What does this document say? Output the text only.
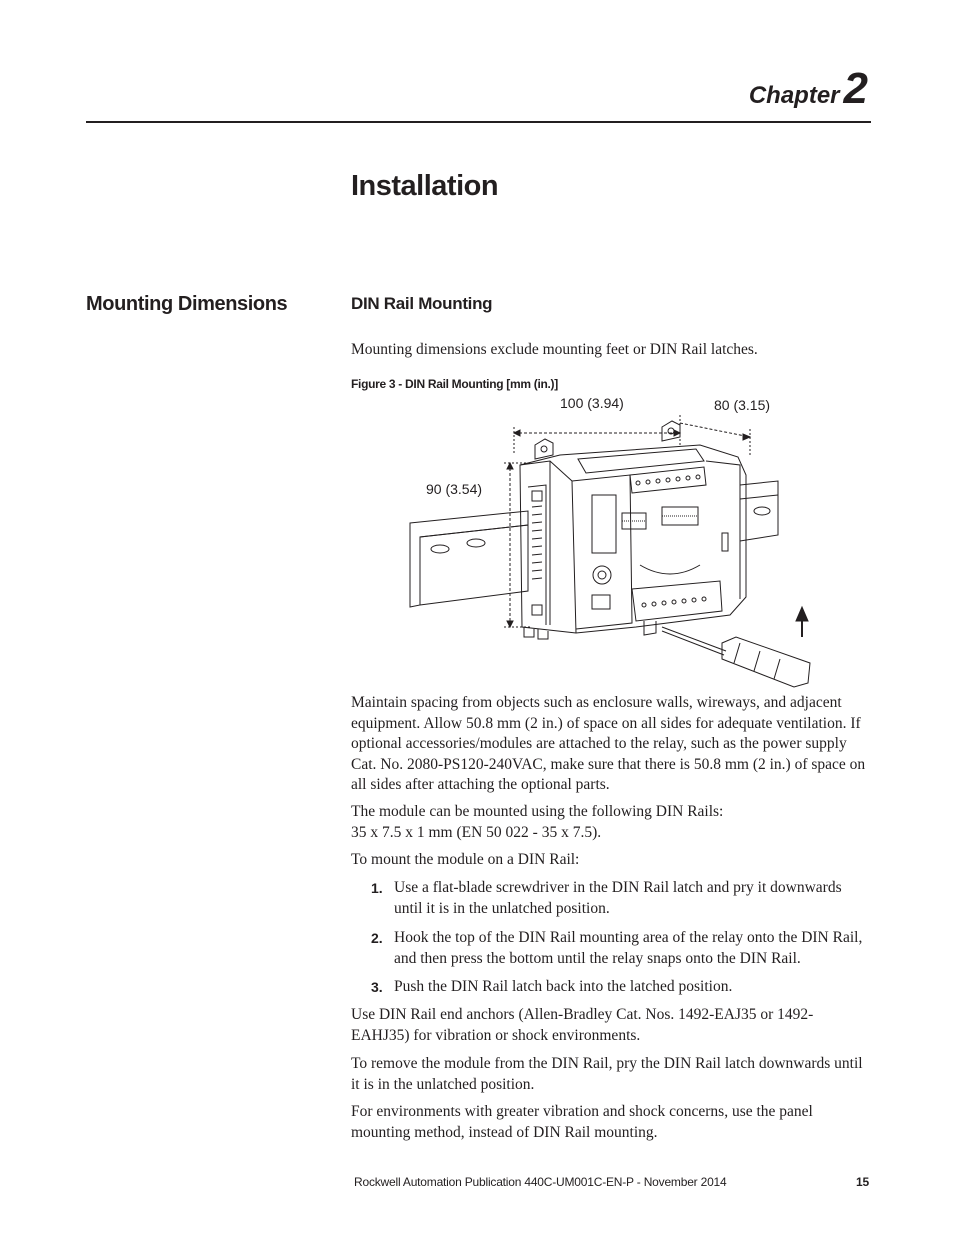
Chapter2
Installation
Mounting Dimensions	DIN Rail Mounting
Mounting dimensions exclude mounting feet or DIN Rail latches.
Figure 3 - DIN Rail Mounting [mm (in.)]
100 (3.94)	80 (3.15)
90 (3.54)
Maintain spacing from objects such as enclosure walls, wireways, and adjacent equipment. Allow 50.8 mm (2 in.) of space on all sides for adequate ventilation. If optional accessories/modules are attached to the relay, such as the power supply Cat. No. 2080-PS120-240VAC, make sure that there is 50.8 mm (2 in.) of space on all sides after attaching the optional parts.
The module can be mounted using the following DIN Rails:
35 x 7.5 x 1 mm (EN 50 022 - 35 x 7.5).
To mount the module on a DIN Rail:
1. Use a flat-blade screwdriver in the DIN Rail latch and pry it downwards until it is in the unlatched position.
2. Hook the top of the DIN Rail mounting area of the relay onto the DIN Rail, and then press the bottom until the relay snaps onto the DIN Rail.
3. Push the DIN Rail latch back into the latched position.
Use DIN Rail end anchors (Allen-Bradley Cat. Nos. 1492-EAJ35 or 1492-EAHJ35) for vibration or shock environments.
To remove the module from the DIN Rail, pry the DIN Rail latch downwards until it is in the unlatched position.
For environments with greater vibration and shock concerns, use the panel mounting method, instead of DIN Rail mounting.
Rockwell Automation Publication 440C-UM001C-EN-P - November 2014	15
